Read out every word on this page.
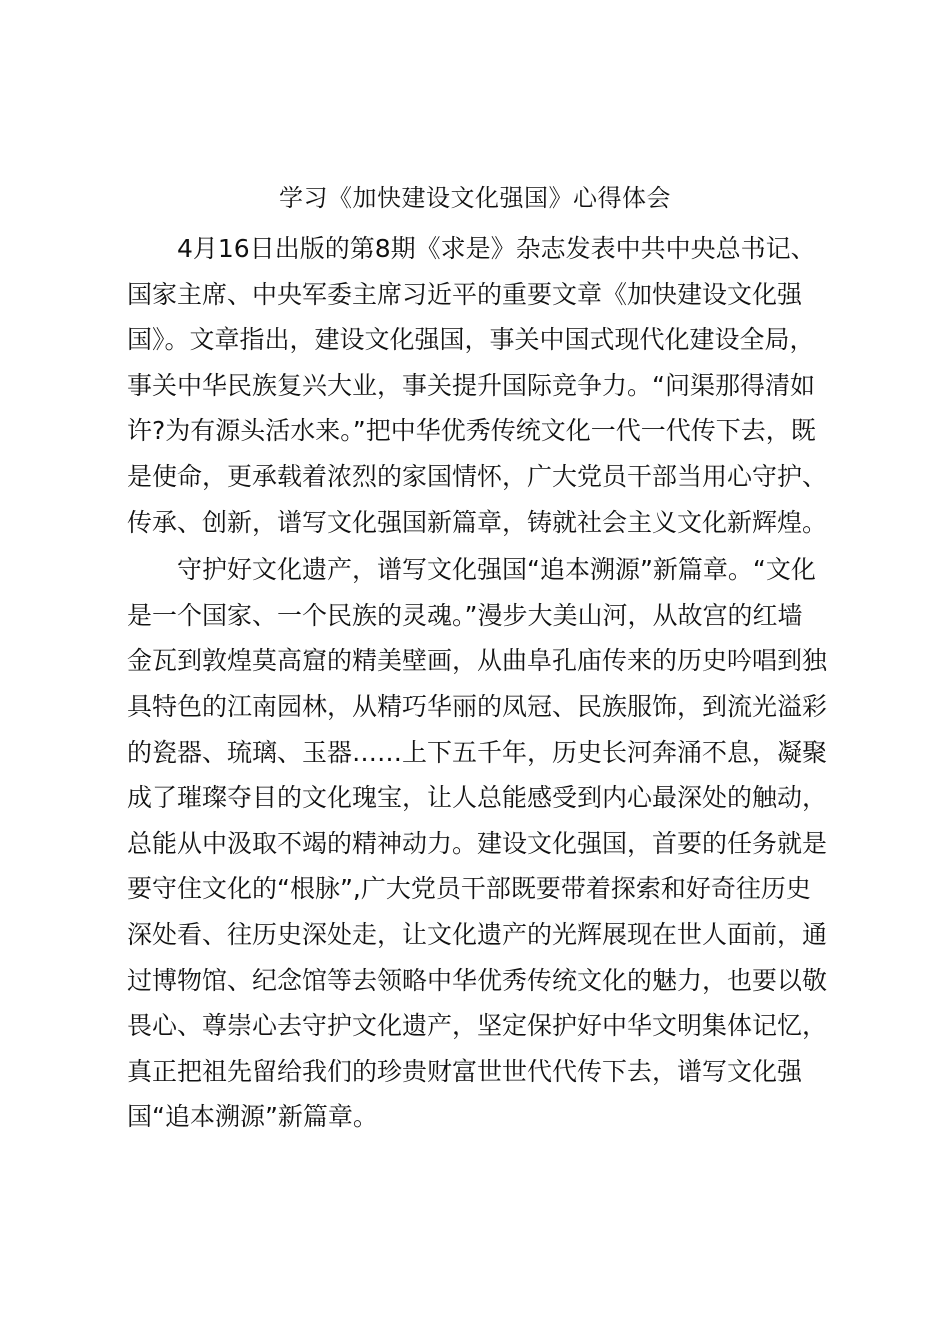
学习《加快建设文化强国》心得体会

4月16日出版的第8期《求是》杂志发表中共中央总书记、国家主席、中央军委主席习近平的重要文章《加快建设文化强国》。文章指出，建设文化强国，事关中国式现代化建设全局，事关中华民族复兴大业，事关提升国际竞争力。“问渠那得清如许?为有源头活水来。”把中华优秀传统文化一代一代传下去，既是使命，更承载着浓烈的家国情怀，广大党员干部当用心守护、传承、创新，谱写文化强国新篇章，铸就社会主义文化新辉煌。

守护好文化遗产，谱写文化强国“追本溯源”新篇章。“文化是一个国家、一个民族的灵魂。”漫步大美山河，从故宫的红墙金瓦到敦煌莫高窟的精美壁画，从曲阜孔庙传来的历史吟唱到独具特色的江南园林，从精巧华丽的凤冠、民族服饰，到流光溢彩的瓷器、琉璃、玉器……上下五千年，历史长河奔涌不息，凝聚成了璀璨夺目的文化瑰宝，让人总能感受到内心最深处的触动，总能从中汲取不竭的精神动力。建设文化强国，首要的任务就是要守住文化的“根脉”,广大党员干部既要带着探索和好奇往历史深处看、往历史深处走，让文化遗产的光辉展现在世人面前，通过博物馆、纪念馆等去领略中华优秀传统文化的魅力，也要以敬畏心、尊崇心去守护文化遗产，坚定保护好中华文明集体记忆，真正把祖先留给我们的珍贵财富世世代代传下去，谱写文化强国“追本溯源”新篇章。
